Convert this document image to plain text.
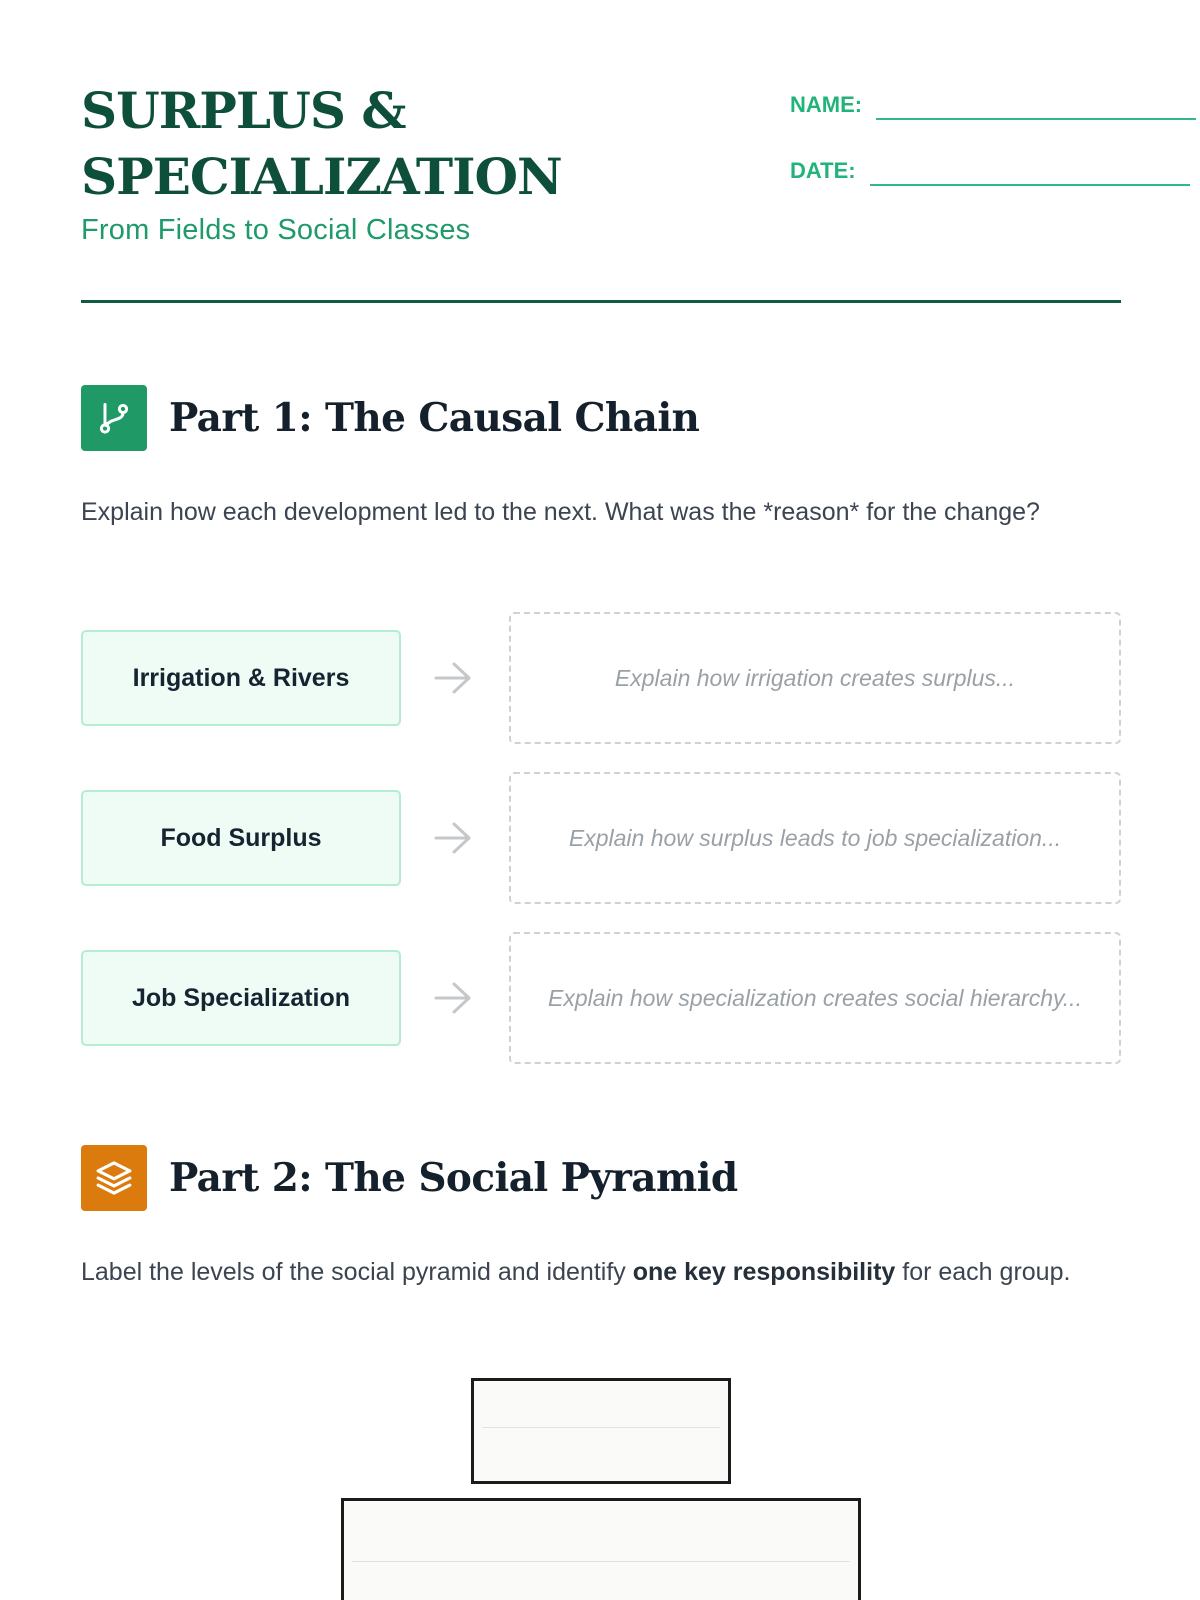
SURPLUS &
SPECIALIZATION
From Fields to Social Classes
NAME:
DATE:
Part 1: The Causal Chain
Explain how each development led to the next. What was the *reason* for the change?
Irrigation & Rivers	Explain how irrigation creates surplus...
Food Surplus	Explain how surplus leads to job specialization...
Job Specialization	Explain how specialization creates social hierarchy...
Part 2: The Social Pyramid
Label the levels of the social pyramid and identify one key responsibility for each group.
